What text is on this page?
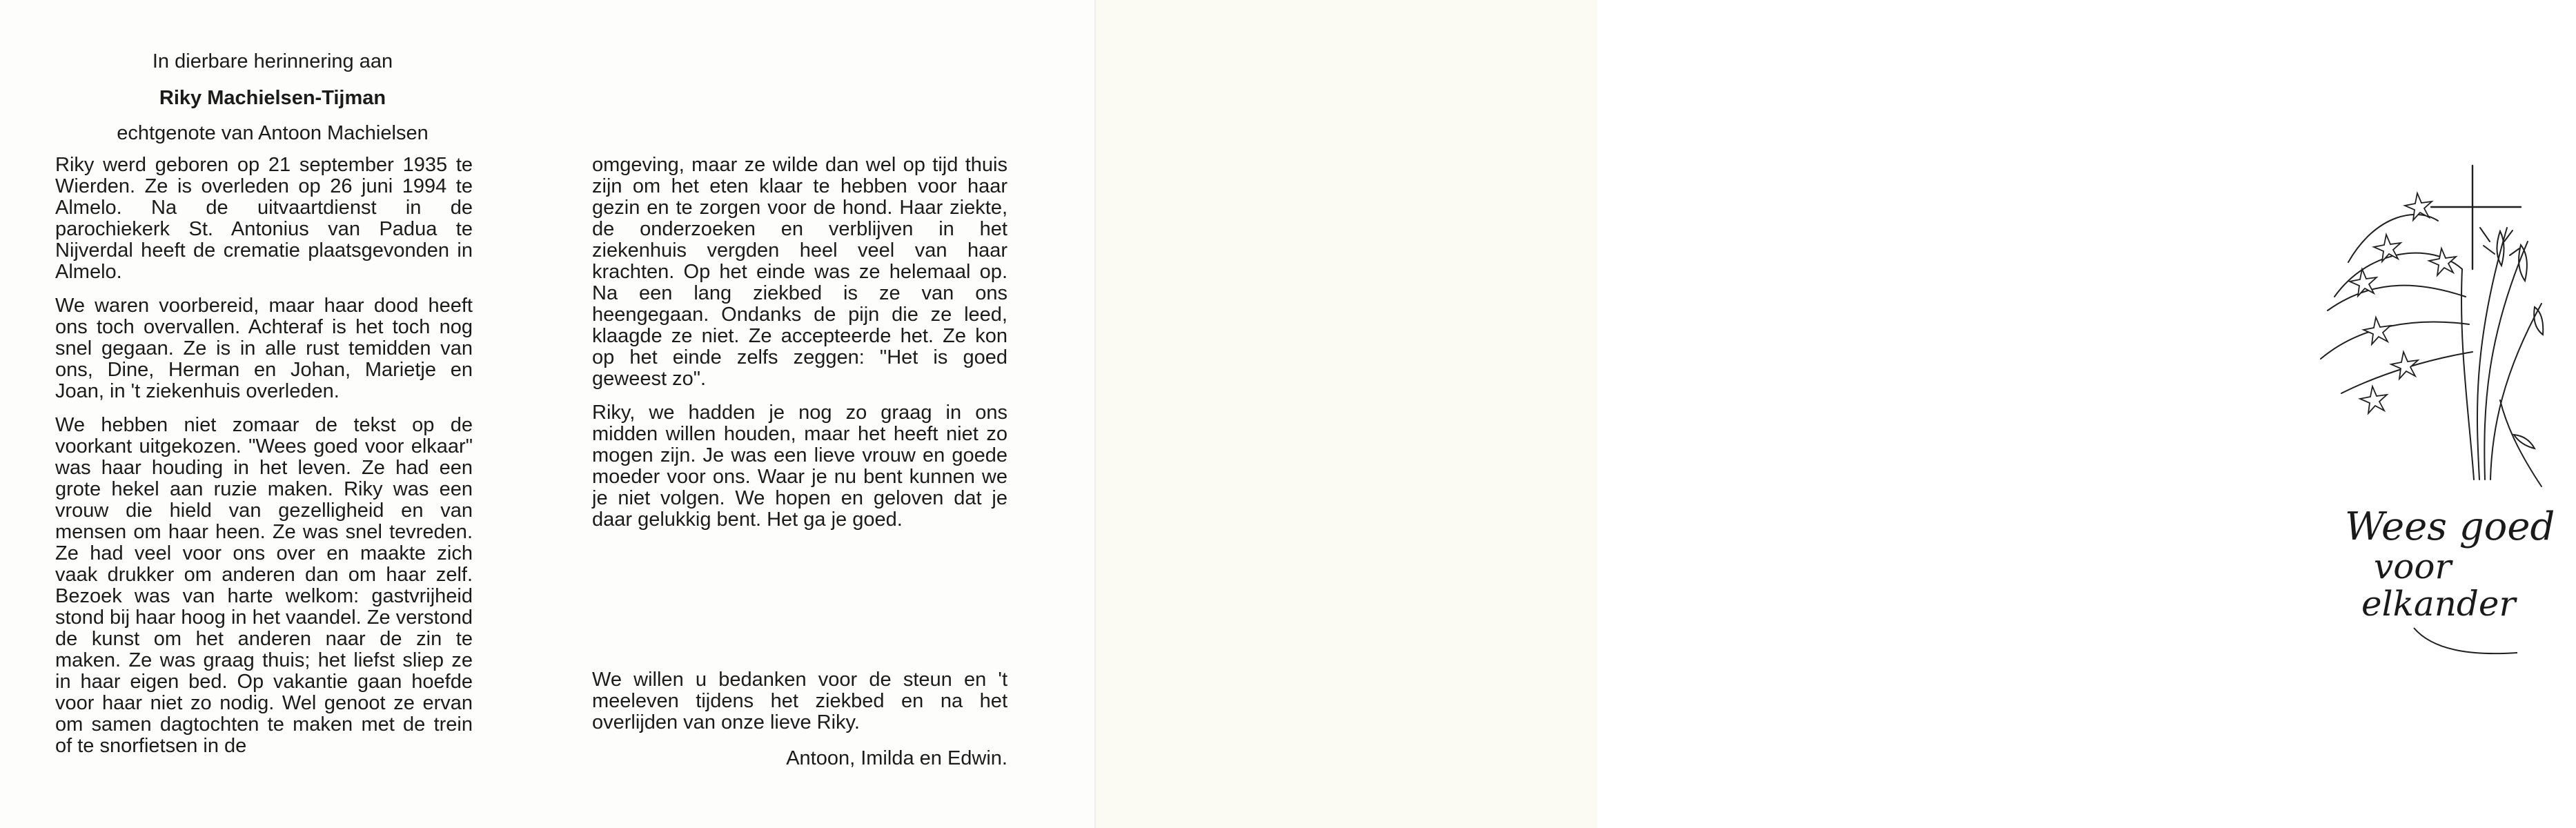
In dierbare herinnering aan
Riky Machielsen-Tijman
echtgenote van Antoon Machielsen

Riky werd geboren op 21 september 1935 te Wierden. Ze is overleden op 26 juni 1994 te Almelo. Na de uitvaartdienst in de parochiekerk St. Antonius van Padua te Nijverdal heeft de crematie plaatsgevonden in Almelo.

We waren voorbereid, maar haar dood heeft ons toch overvallen. Achteraf is het toch nog snel gegaan. Ze is in alle rust temidden van ons, Dine, Herman en Johan, Marietje en Joan, in 't ziekenhuis overleden.

We hebben niet zomaar de tekst op de voorkant uitgekozen. "Wees goed voor elkaar" was haar houding in het leven. Ze had een grote hekel aan ruzie maken. Riky was een vrouw die hield van gezelligheid en van mensen om haar heen. Ze was snel tevreden. Ze had veel voor ons over en maakte zich vaak drukker om anderen dan om haar zelf. Bezoek was van harte welkom: gastvrijheid stond bij haar hoog in het vaandel. Ze verstond de kunst om het anderen naar de zin te maken. Ze was graag thuis; het liefst sliep ze in haar eigen bed. Op vakantie gaan hoefde voor haar niet zo nodig. Wel genoot ze ervan om samen dagtochten te maken met de trein of te snorfietsen in de

omgeving, maar ze wilde dan wel op tijd thuis zijn om het eten klaar te hebben voor haar gezin en te zorgen voor de hond. Haar ziekte, de onderzoeken en verblijven in het ziekenhuis vergden heel veel van haar krachten. Op het einde was ze helemaal op. Na een lang ziekbed is ze van ons heengegaan. Ondanks de pijn die ze leed, klaagde ze niet. Ze accepteerde het. Ze kon op het einde zelfs zeggen: "Het is goed geweest zo".

Riky, we hadden je nog zo graag in ons midden willen houden, maar het heeft niet zo mogen zijn. Je was een lieve vrouw en goede moeder voor ons. Waar je nu bent kunnen we je niet volgen. We hopen en geloven dat je daar gelukkig bent. Het ga je goed.

We willen u bedanken voor de steun en 't meeleven tijdens het ziekbed en na het overlijden van onze lieve Riky.
Antoon, Imilda en Edwin.
Wees goed
voor
elkander
